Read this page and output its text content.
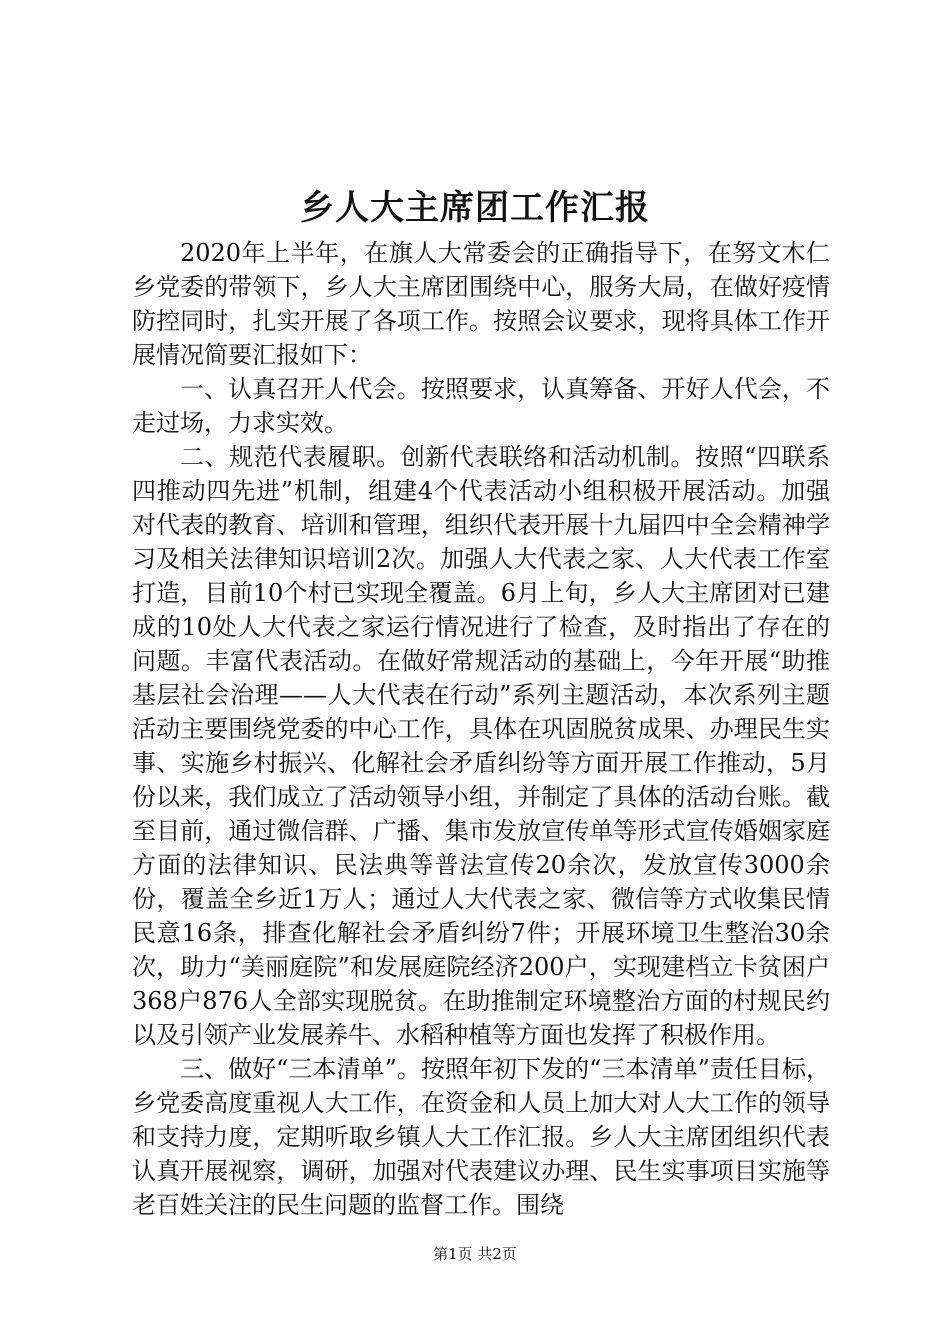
乡人大主席团工作汇报

2020年上半年，在旗人大常委会的正确指导下，在努文木仁乡党委的带领下，乡人大主席团围绕中心，服务大局，在做好疫情防控同时，扎实开展了各项工作。按照会议要求，现将具体工作开展情况简要汇报如下：

一、认真召开人代会。按照要求，认真筹备、开好人代会，不走过场，力求实效。

二、规范代表履职。创新代表联络和活动机制。按照“四联系四推动四先进”机制，组建4个代表活动小组积极开展活动。加强对代表的教育、培训和管理，组织代表开展十九届四中全会精神学习及相关法律知识培训2次。加强人大代表之家、人大代表工作室打造，目前10个村已实现全覆盖。6月上旬，乡人大主席团对已建成的10处人大代表之家运行情况进行了检查，及时指出了存在的问题。丰富代表活动。在做好常规活动的基础上，今年开展“助推基层社会治理——人大代表在行动”系列主题活动，本次系列主题活动主要围绕党委的中心工作，具体在巩固脱贫成果、办理民生实事、实施乡村振兴、化解社会矛盾纠纷等方面开展工作推动，5月份以来，我们成立了活动领导小组，并制定了具体的活动台账。截至目前，通过微信群、广播、集市发放宣传单等形式宣传婚姻家庭方面的法律知识、民法典等普法宣传20余次，发放宣传3000余份，覆盖全乡近1万人；通过人大代表之家、微信等方式收集民情民意16条，排查化解社会矛盾纠纷7件；开展环境卫生整治30余次，助力“美丽庭院”和发展庭院经济200户，实现建档立卡贫困户368户876人全部实现脱贫。在助推制定环境整治方面的村规民约以及引领产业发展养牛、水稻种植等方面也发挥了积极作用。

三、做好“三本清单”。按照年初下发的“三本清单”责任目标，乡党委高度重视人大工作，在资金和人员上加大对人大工作的领导和支持力度，定期听取乡镇人大工作汇报。乡人大主席团组织代表认真开展视察，调研，加强对代表建议办理、民生实事项目实施等老百姓关注的民生问题的监督工作。围绕

第1页 共2页
